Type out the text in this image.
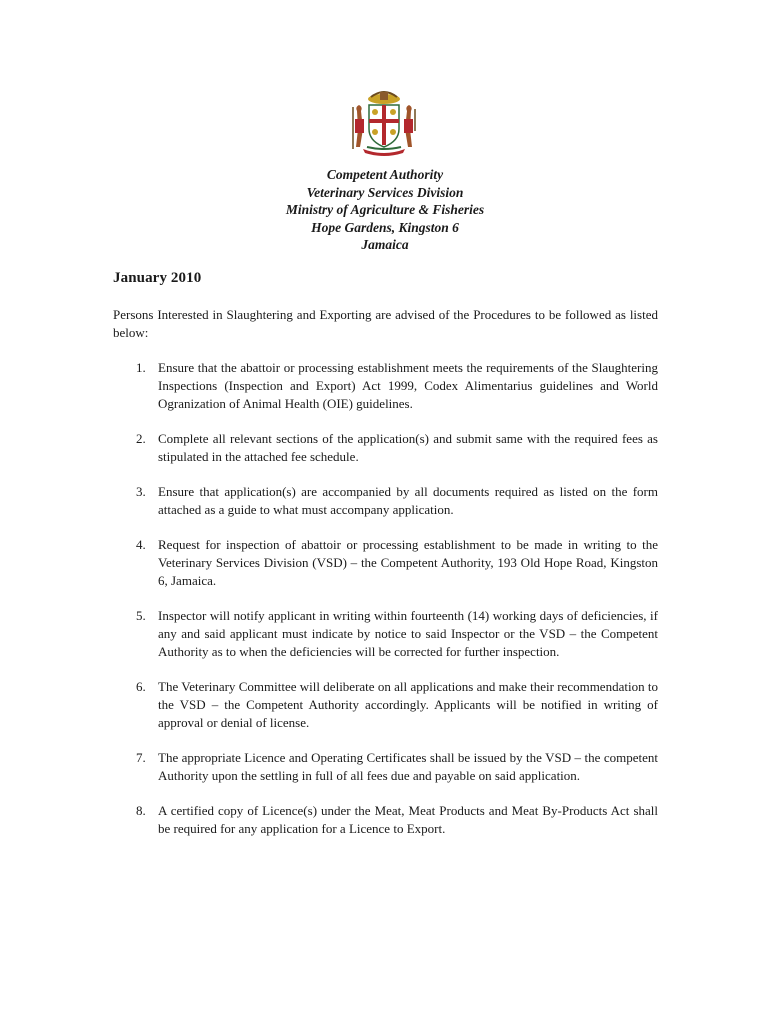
Competent Authority
Veterinary Services Division
Ministry of Agriculture & Fisheries
Hope Gardens, Kingston 6
Jamaica
January 2010
Persons Interested in Slaughtering and Exporting are advised of the Procedures to be followed as listed below:
1. Ensure that the abattoir or processing establishment meets the requirements of the Slaughtering Inspections (Inspection and Export) Act 1999, Codex Alimentarius guidelines and World Ogranization of Animal Health (OIE) guidelines.
2. Complete all relevant sections of the application(s) and submit same with the required fees as stipulated in the attached fee schedule.
3. Ensure that application(s) are accompanied by all documents required as listed on the form attached as a guide to what must accompany application.
4. Request for inspection of abattoir or processing establishment to be made in writing to the Veterinary Services Division (VSD) – the Competent Authority, 193 Old Hope Road, Kingston 6, Jamaica.
5. Inspector will notify applicant in writing within fourteenth (14) working days of deficiencies, if any and said applicant must indicate by notice to said Inspector or the VSD – the Competent Authority as to when the deficiencies will be corrected for further inspection.
6. The Veterinary Committee will deliberate on all applications and make their recommendation to the VSD – the Competent Authority accordingly. Applicants will be notified in writing of approval or denial of license.
7. The appropriate Licence and Operating Certificates shall be issued by the VSD – the competent Authority upon the settling in full of all fees due and payable on said application.
8. A certified copy of Licence(s) under the Meat, Meat Products and Meat By-Products Act shall be required for any application for a Licence to Export.
